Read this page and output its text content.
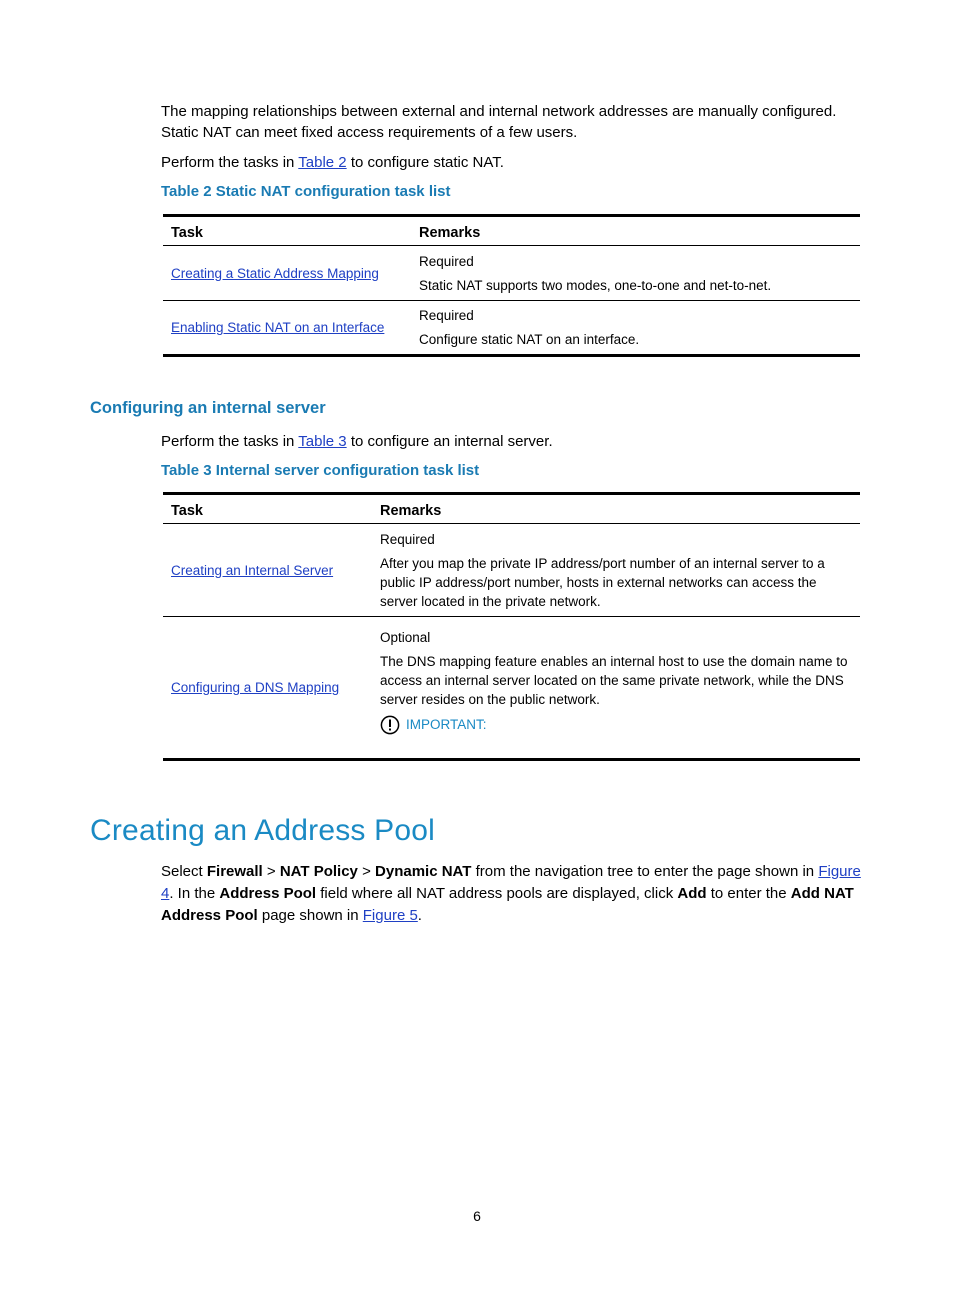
The mapping relationships between external and internal network addresses are manually configured. Static NAT can meet fixed access requirements of a few users.
Perform the tasks in Table 2 to configure static NAT.
Table 2 Static NAT configuration task list
Task	Remarks
Creating a Static Address Mapping	Required
Static NAT supports two modes, one-to-one and net-to-net.

Enabling Static NAT on an Interface	Required
Configure static NAT on an interface.
Configuring an internal server
Perform the tasks in Table 3 to configure an internal server.
Table 3 Internal server configuration task list
Task	Remarks
Creating an Internal Server	Required
After you map the private IP address/port number of an internal server to a public IP address/port number, hosts in external networks can access the server located in the private network.

Configuring a DNS Mapping	Optional
The DNS mapping feature enables an internal host to use the domain name to access an internal server located on the same private network, while the DNS server resides on the public network.
IMPORTANT:
Creating an Address Pool
Select Firewall > NAT Policy > Dynamic NAT from the navigation tree to enter the page shown in Figure 4. In the Address Pool field where all NAT address pools are displayed, click Add to enter the Add NAT Address Pool page shown in Figure 5.
6
